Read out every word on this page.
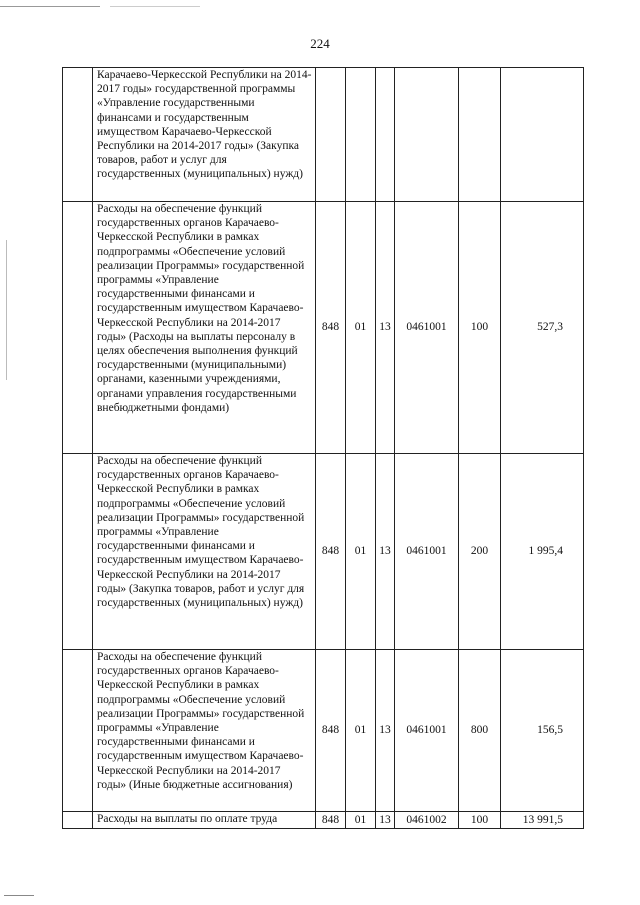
224
	Карачаево-Черкесской Республики на 2014-2017 годы» государственной программы «Управление государственными финансами и государственным имуществом Карачаево-Черкесской Республики на 2014-2017 годы» (Закупка товаров, работ и услуг для государственных (муниципальных) нужд)						
	Расходы на обеспечение функций государственных органов Карачаево-Черкесской Республики в рамках подпрограммы «Обеспечение условий реализации Программы» государственной программы «Управление государственными финансами и государственным имуществом Карачаево-Черкесской Республики на 2014-2017 годы» (Расходы на выплаты персоналу в целях обеспечения выполнения функций государственными (муниципальными) органами, казенными учреждениями, органами управления государственными внебюджетными фондами)	848	01	13	0461001	100	527,3
	Расходы на обеспечение функций государственных органов Карачаево-Черкесской Республики в рамках подпрограммы «Обеспечение условий реализации Программы» государственной программы «Управление государственными финансами и государственным имуществом Карачаево-Черкесской Республики на 2014-2017 годы» (Закупка товаров, работ и услуг для государственных (муниципальных) нужд)	848	01	13	0461001	200	1 995,4
	Расходы на обеспечение функций государственных органов Карачаево-Черкесской Республики в рамках подпрограммы «Обеспечение условий реализации Программы» государственной программы «Управление государственными финансами и государственным имуществом Карачаево-Черкесской Республики на 2014-2017 годы» (Иные бюджетные ассигнования)	848	01	13	0461001	800	156,5
	Расходы на выплаты по оплате труда	848	01	13	0461002	100	13 991,5
